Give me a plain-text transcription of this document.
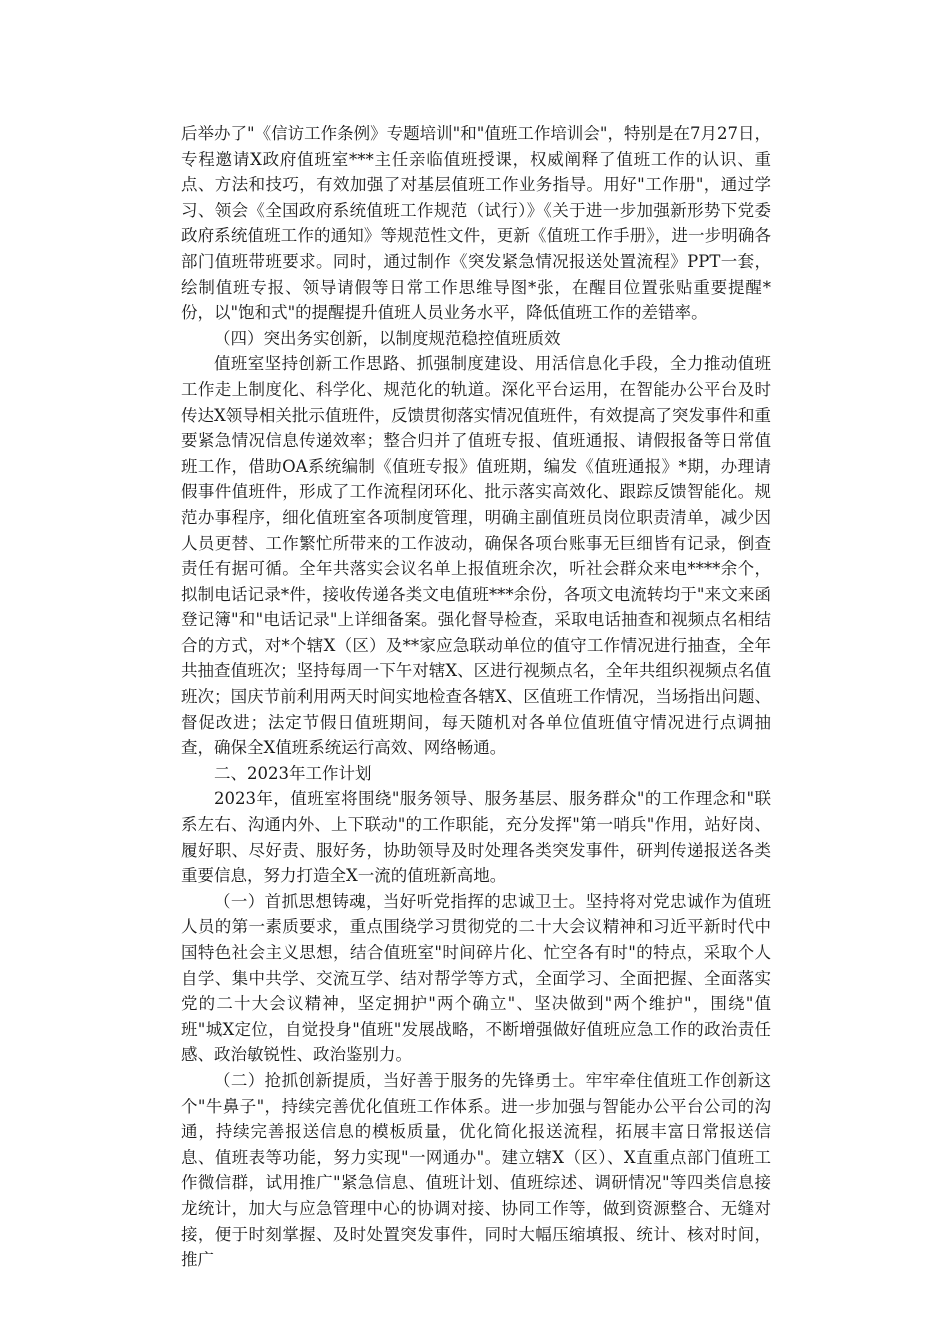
后举办了"《信访工作条例》专题培训"和"值班工作培训会"，特别是在7月27日，专程邀请X政府值班室***主任亲临值班授课，权威阐释了值班工作的认识、重点、方法和技巧，有效加强了对基层值班工作业务指导。用好"工作册"，通过学习、领会《全国政府系统值班工作规范（试行）》《关于进一步加强新形势下党委政府系统值班工作的通知》等规范性文件，更新《值班工作手册》，进一步明确各部门值班带班要求。同时，通过制作《突发紧急情况报送处置流程》PPT一套，绘制值班专报、领导请假等日常工作思维导图*张，在醒目位置张贴重要提醒*份，以"饱和式"的提醒提升值班人员业务水平，降低值班工作的差错率。

（四）突出务实创新，以制度规范稳控值班质效

值班室坚持创新工作思路、抓强制度建设、用活信息化手段，全力推动值班工作走上制度化、科学化、规范化的轨道。深化平台运用，在智能办公平台及时传达X领导相关批示值班件，反馈贯彻落实情况值班件，有效提高了突发事件和重要紧急情况信息传递效率；整合归并了值班专报、值班通报、请假报备等日常值班工作，借助OA系统编制《值班专报》值班期，编发《值班通报》*期，办理请假事件值班件，形成了工作流程闭环化、批示落实高效化、跟踪反馈智能化。规范办事程序，细化值班室各项制度管理，明确主副值班员岗位职责清单，减少因人员更替、工作繁忙所带来的工作波动，确保各项台账事无巨细皆有记录，倒查责任有据可循。全年共落实会议名单上报值班余次，听社会群众来电****余个，拟制电话记录*件，接收传递各类文电值班***余份，各项文电流转均于"来文来函登记簿"和"电话记录"上详细备案。强化督导检查，采取电话抽查和视频点名相结合的方式，对*个辖X（区）及**家应急联动单位的值守工作情况进行抽查，全年共抽查值班次；坚持每周一下午对辖X、区进行视频点名，全年共组织视频点名值班次；国庆节前利用两天时间实地检查各辖X、区值班工作情况，当场指出问题、督促改进；法定节假日值班期间，每天随机对各单位值班值守情况进行点调抽查，确保全X值班系统运行高效、网络畅通。

二、2023年工作计划

2023年，值班室将围绕"服务领导、服务基层、服务群众"的工作理念和"联系左右、沟通内外、上下联动"的工作职能，充分发挥"第一哨兵"作用，站好岗、履好职、尽好责、服好务，协助领导及时处理各类突发事件，研判传递报送各类重要信息，努力打造全X一流的值班新高地。

（一）首抓思想铸魂，当好听党指挥的忠诚卫士。坚持将对党忠诚作为值班人员的第一素质要求，重点围绕学习贯彻党的二十大会议精神和习近平新时代中国特色社会主义思想，结合值班室"时间碎片化、忙空各有时"的特点，采取个人自学、集中共学、交流互学、结对帮学等方式，全面学习、全面把握、全面落实党的二十大会议精神，坚定拥护"两个确立"、坚决做到"两个维护"，围绕"值班"城X定位，自觉投身"值班"发展战略，不断增强做好值班应急工作的政治责任感、政治敏锐性、政治鉴别力。

（二）抢抓创新提质，当好善于服务的先锋勇士。牢牢牵住值班工作创新这个"牛鼻子"，持续完善优化值班工作体系。进一步加强与智能办公平台公司的沟通，持续完善报送信息的模板质量，优化简化报送流程，拓展丰富日常报送信息、值班表等功能，努力实现"一网通办"。建立辖X（区）、X直重点部门值班工作微信群，试用推广"紧急信息、值班计划、值班综述、调研情况"等四类信息接龙统计，加大与应急管理中心的协调对接、协同工作等，做到资源整合、无缝对接，便于时刻掌握、及时处置突发事件，同时大幅压缩填报、统计、核对时间，推广
